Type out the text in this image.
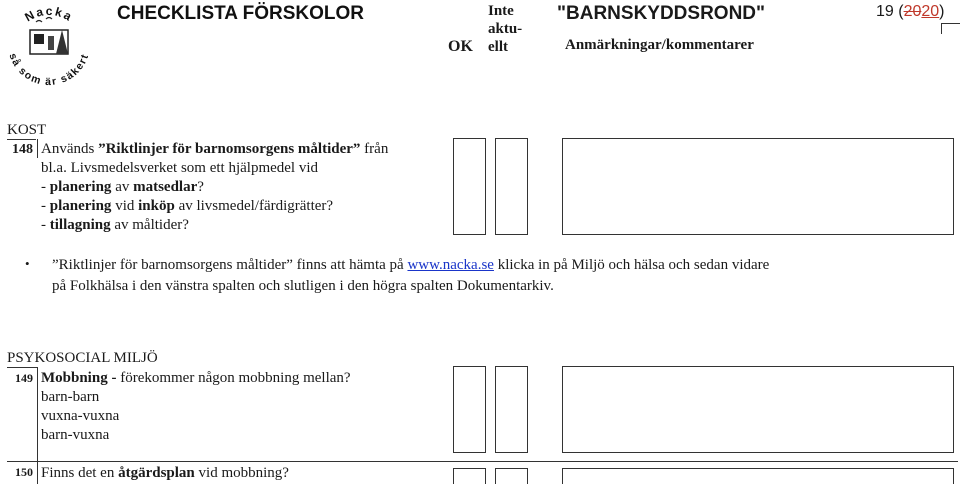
Nacka
så som är säkert
CHECKLISTA FÖRSKOLOR
OK
Inte
aktu-
ellt
"BARNSKYDDSROND"
Anmärkningar/kommentarer
19 (2020)
KOST
148 Används ”Riktlinjer för barnomsorgens måltider” från
bl.a. Livsmedelsverket som ett hjälpmedel vid
- planering av matsedlar?
- planering vid inköp av livsmedel/färdigrätter?
- tillagning av måltider?
• ”Riktlinjer för barnomsorgens måltider” finns att hämta på www.nacka.se klicka in på Miljö och hälsa och sedan vidare
på Folkhälsa i den vänstra spalten och slutligen i den högra spalten Dokumentarkiv.
PSYKOSOCIAL MILJÖ
149 Mobbning - förekommer någon mobbning mellan?
barn-barn
vuxna-vuxna
barn-vuxna
150 Finns det en åtgärdsplan vid mobbning?
